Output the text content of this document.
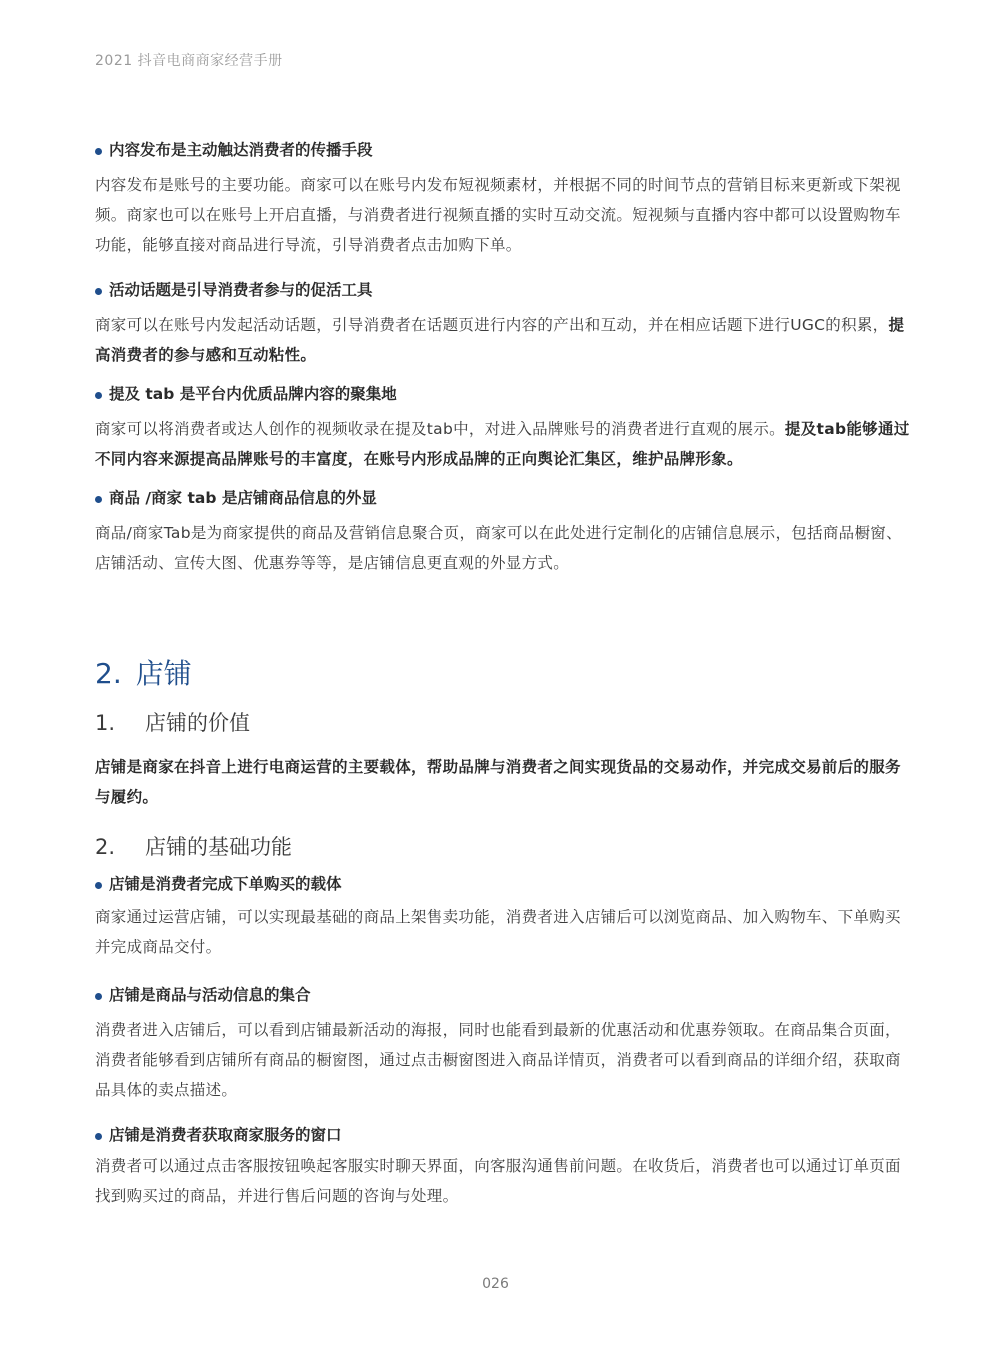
2021 抖音电商商家经营手册
内容发布是主动触达消费者的传播手段

内容发布是账号的主要功能。商家可以在账号内发布短视频素材，并根据不同的时间节点的营销目标来更新或下架视频。商家也可以在账号上开启直播，与消费者进行视频直播的实时互动交流。短视频与直播内容中都可以设置购物车功能，能够直接对商品进行导流，引导消费者点击加购下单。

活动话题是引导消费者参与的促活工具

商家可以在账号内发起活动话题，引导消费者在话题页进行内容的产出和互动，并在相应话题下进行UGC的积累，提高消费者的参与感和互动粘性。

提及 tab 是平台内优质品牌内容的聚集地

商家可以将消费者或达人创作的视频收录在提及tab中，对进入品牌账号的消费者进行直观的展示。提及tab能够通过不同内容来源提高品牌账号的丰富度，在账号内形成品牌的正向舆论汇集区，维护品牌形象。

商品 /商家 tab 是店铺商品信息的外显

商品/商家Tab是为商家提供的商品及营销信息聚合页，商家可以在此处进行定制化的店铺信息展示，包括商品橱窗、店铺活动、宣传大图、优惠券等等，是店铺信息更直观的外显方式。

2. 店铺
1. 店铺的价值

店铺是商家在抖音上进行电商运营的主要载体，帮助品牌与消费者之间实现货品的交易动作，并完成交易前后的服务与履约。

2. 店铺的基础功能
店铺是消费者完成下单购买的载体

商家通过运营店铺，可以实现最基础的商品上架售卖功能，消费者进入店铺后可以浏览商品、加入购物车、下单购买并完成商品交付。

店铺是商品与活动信息的集合

消费者进入店铺后，可以看到店铺最新活动的海报，同时也能看到最新的优惠活动和优惠券领取。在商品集合页面，消费者能够看到店铺所有商品的橱窗图，通过点击橱窗图进入商品详情页，消费者可以看到商品的详细介绍，获取商品具体的卖点描述。

店铺是消费者获取商家服务的窗口

消费者可以通过点击客服按钮唤起客服实时聊天界面，向客服沟通售前问题。在收货后，消费者也可以通过订单页面找到购买过的商品，并进行售后问题的咨询与处理。

026
